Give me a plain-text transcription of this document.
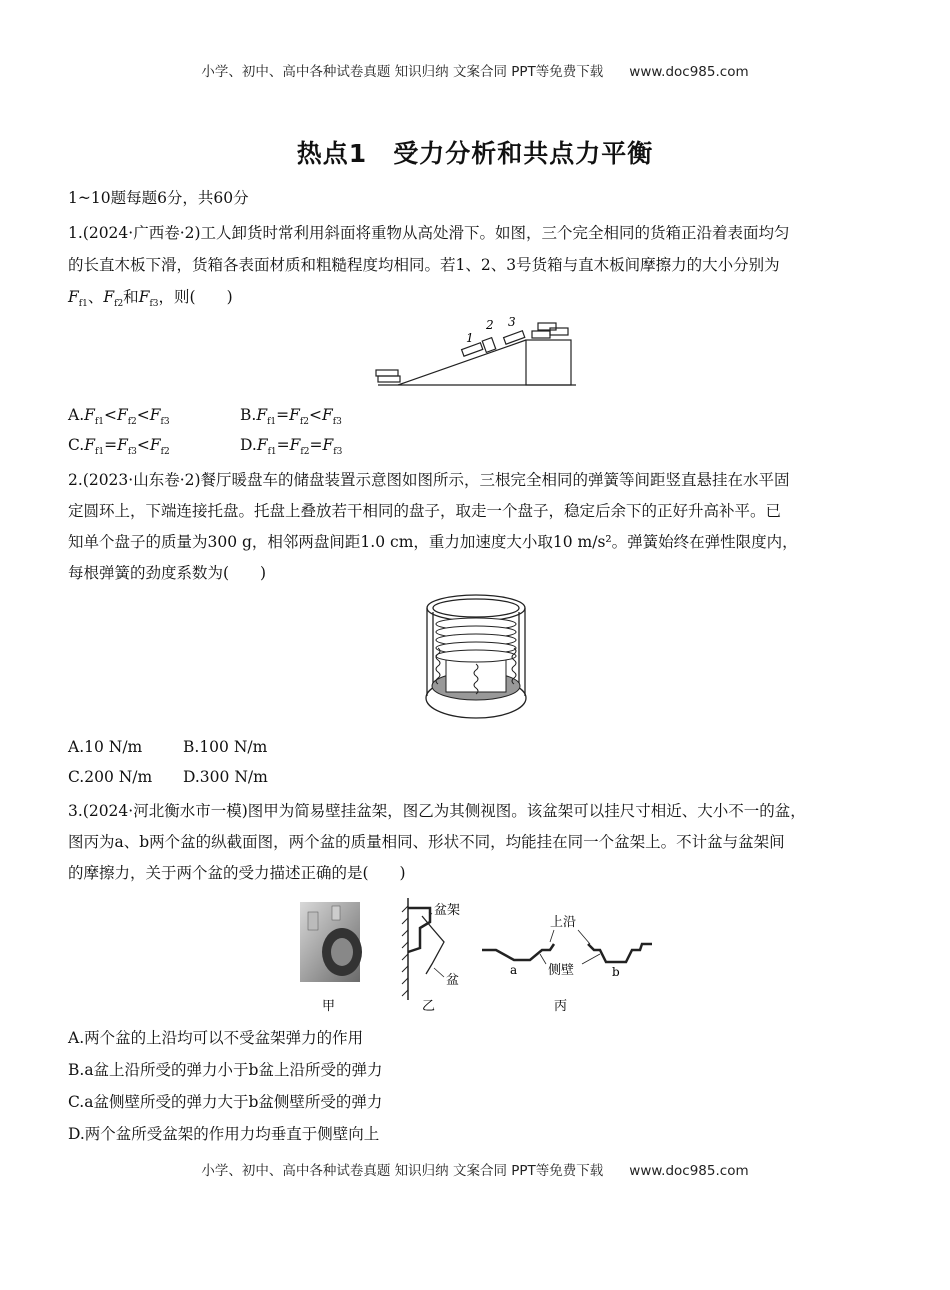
小学、初中、高中各种试卷真题 知识归纳 文案合同 PPT等免费下载 www.doc985.com
热点1　受力分析和共点力平衡
1~10题每题6分，共60分
1.(2024·广西卷·2)工人卸货时常利用斜面将重物从高处滑下。如图，三个完全相同的货箱正沿着表面均匀
的长直木板下滑，货箱各表面材质和粗糙程度均相同。若1、2、3号货箱与直木板间摩擦力的大小分别为
$F_{f1}$、$F_{f2}$和$F_{f3}$，则(　　)
1
2 3
$A.F_{f1}<F_{f2}<F_{f3}$	$B.F_{f1}=F_{f2}<F_{f3}$
$C.F_{f1}=F_{f3}<F_{f2}$	$D.F_{f1}=F_{f2}=F_{f3}$
2.(2023·山东卷·2)餐厅暖盘车的储盘装置示意图如图所示，三根完全相同的弹簧等间距竖直悬挂在水平固
定圆环上，下端连接托盘。托盘上叠放若干相同的盘子，取走一个盘子，稳定后余下的正好升高补平。已
知单个盘子的质量为300 g，相邻两盘间距1.0 cm，重力加速度大小取10 m/s²。弹簧始终在弹性限度内，
每根弹簧的劲度系数为(　　)
A.10 N/m	B.100 N/m
C.200 N/m D.300 N/m
3.(2024·河北衡水市一模)图甲为简易壁挂盆架，图乙为其侧视图。该盆架可以挂尺寸相近、大小不一的盆，
图丙为a、b两个盆的纵截面图，两个盆的质量相同、形状不同，均能挂在同一个盆架上。不计盆与盆架间
的摩擦力，关于两个盆的受力描述正确的是(　　)
甲
盆架
盆
乙
上沿
侧壁
a	b
丙
A.两个盆的上沿均可以不受盆架弹力的作用
B.a盆上沿所受的弹力小于b盆上沿所受的弹力
C.a盆侧壁所受的弹力大于b盆侧壁所受的弹力
D.两个盆所受盆架的作用力均垂直于侧壁向上
小学、初中、高中各种试卷真题 知识归纳 文案合同 PPT等免费下载 www.doc985.com
